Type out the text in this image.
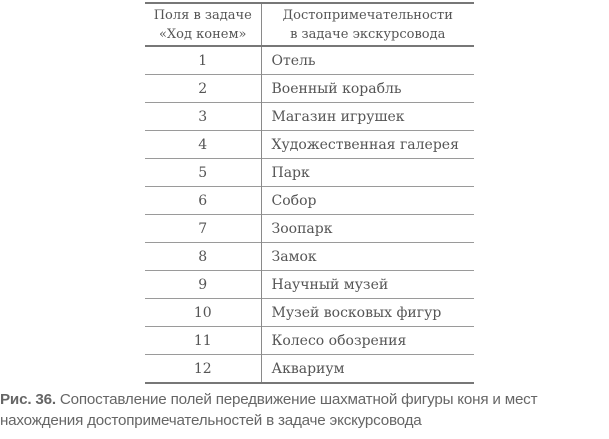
Поля в задаче
«Ход конем»	Достопримечательности
в задаче экскурсовода
1	Отель
2	Военный корабль
3	Магазин игрушек
4	Художественная галерея
5	Парк
6	Собор
7	Зоопарк
8	Замок
9	Научный музей
10	Музей восковых фигур
11	Колесо обозрения
12	Аквариум
Рис. 36. Сопоставление полей передвижение шахматной фигуры коня и мест
нахождения достопримечательностей в задаче экскурсовода
